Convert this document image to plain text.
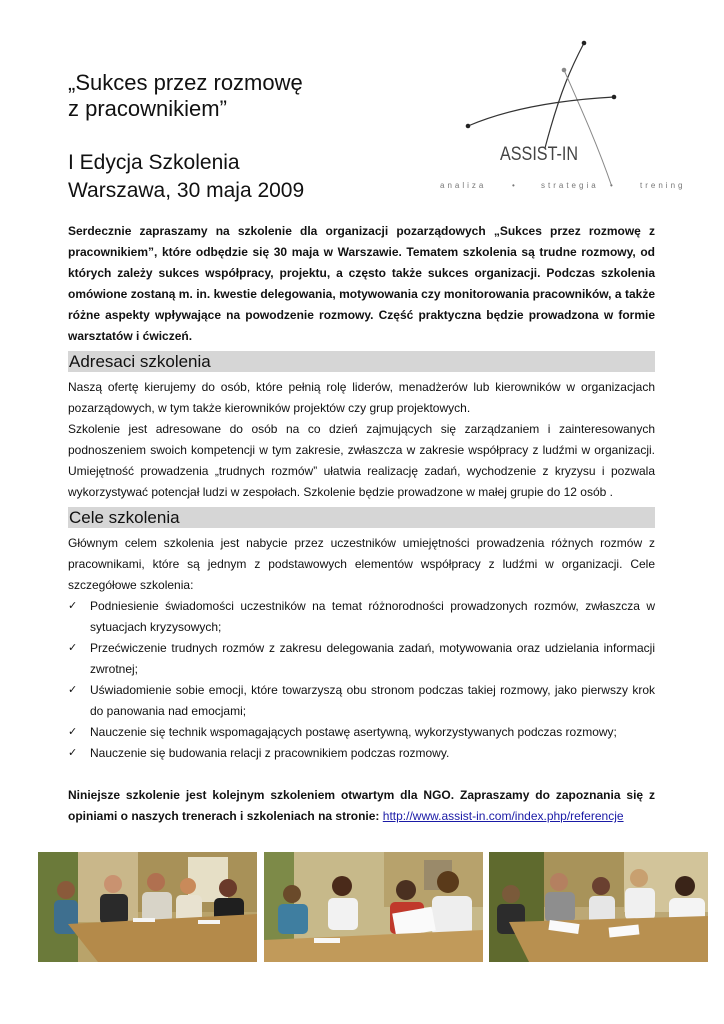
„Sukces przez rozmowę
z pracownikiem”
I Edycja Szkolenia
Warszawa, 30 maja 2009
ASSIST-IN
analiza	•	strategia •	trening

Serdecznie zapraszamy na szkolenie dla organizacji pozarządowych „Sukces przez rozmowę z pracownikiem”, które odbędzie się 30 maja w Warszawie. Tematem szkolenia są trudne rozmowy, od których zależy sukces współpracy, projektu, a często także sukces organizacji. Podczas szkolenia omówione zostaną m. in. kwestie delegowania, motywowania czy monitorowania pracowników, a także różne aspekty wpływające na powodzenie rozmowy. Część praktyczna będzie prowadzona w formie warsztatów i ćwiczeń.

Adresaci szkolenia

Naszą ofertę kierujemy do osób, które pełnią rolę liderów, menadżerów lub kierowników w organizacjach pozarządowych, w tym także kierowników projektów czy grup projektowych.

Szkolenie jest adresowane do osób na co dzień zajmujących się zarządzaniem i zainteresowanych podnoszeniem swoich kompetencji w tym zakresie, zwłaszcza w zakresie współpracy z ludźmi w organizacji. Umiejętność prowadzenia „trudnych rozmów” ułatwia realizację zadań, wychodzenie z kryzysu i pozwala wykorzystywać potencjał ludzi w zespołach. Szkolenie będzie prowadzone w małej grupie do 12 osób .

Cele szkolenia

Głównym celem szkolenia jest nabycie przez uczestników umiejętności prowadzenia różnych rozmów z pracownikami, które są jednym z podstawowych elementów współpracy z ludźmi w organizacji. Cele szczegółowe szkolenia:

✓ Podniesienie świadomości uczestników na temat różnorodności prowadzonych rozmów, zwłaszcza w sytuacjach kryzysowych;
✓ Przećwiczenie trudnych rozmów z zakresu delegowania zadań, motywowania oraz udzielania informacji zwrotnej;
✓ Uświadomienie sobie emocji, które towarzyszą obu stronom podczas takiej rozmowy, jako pierwszy krok do panowania nad emocjami;
✓ Nauczenie się technik wspomagających postawę asertywną, wykorzystywanych podczas rozmowy;
✓ Nauczenie się budowania relacji z pracownikiem podczas rozmowy.

Niniejsze szkolenie jest kolejnym szkoleniem otwartym dla NGO. Zapraszamy do zapoznania się z opiniami o naszych trenerach i szkoleniach na stronie: http://www.assist-in.com/index.php/referencje
